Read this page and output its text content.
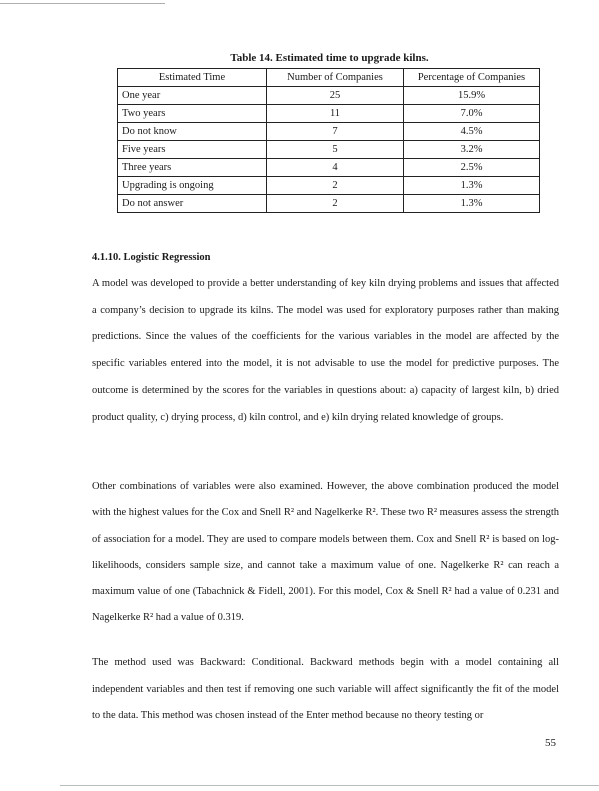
Table 14. Estimated time to upgrade kilns.
Estimated Time	Number of Companies	Percentage of Companies
One year	25	15.9%
Two years	11	7.0%
Do not know	7	4.5%
Five years	5	3.2%
Three years	4	2.5%
Upgrading is ongoing	2	1.3%
Do not answer	2	1.3%
4.1.10. Logistic Regression

A model was developed to provide a better understanding of key kiln drying problems and issues that affected a company’s decision to upgrade its kilns. The model was used for exploratory purposes rather than making predictions. Since the values of the coefficients for the various variables in the model are affected by the specific variables entered into the model, it is not advisable to use the model for predictive purposes. The outcome is determined by the scores for the variables in questions about: a) capacity of largest kiln, b) dried product quality, c) drying process, d) kiln control, and e) kiln drying related knowledge of groups.

Other combinations of variables were also examined. However, the above combination produced the model with the highest values for the Cox and Snell R² and Nagelkerke R². These two R² measures assess the strength of association for a model. They are used to compare models between them. Cox and Snell R² is based on log-likelihoods, considers sample size, and cannot take a maximum value of one. Nagelkerke R² can reach a maximum value of one (Tabachnick & Fidell, 2001). For this model, Cox & Snell R² had a value of 0.231 and Nagelkerke R² had a value of 0.319.

The method used was Backward: Conditional. Backward methods begin with a model containing all independent variables and then test if removing one such variable will affect significantly the fit of the model to the data. This method was chosen instead of the Enter method because no theory testing or

55
